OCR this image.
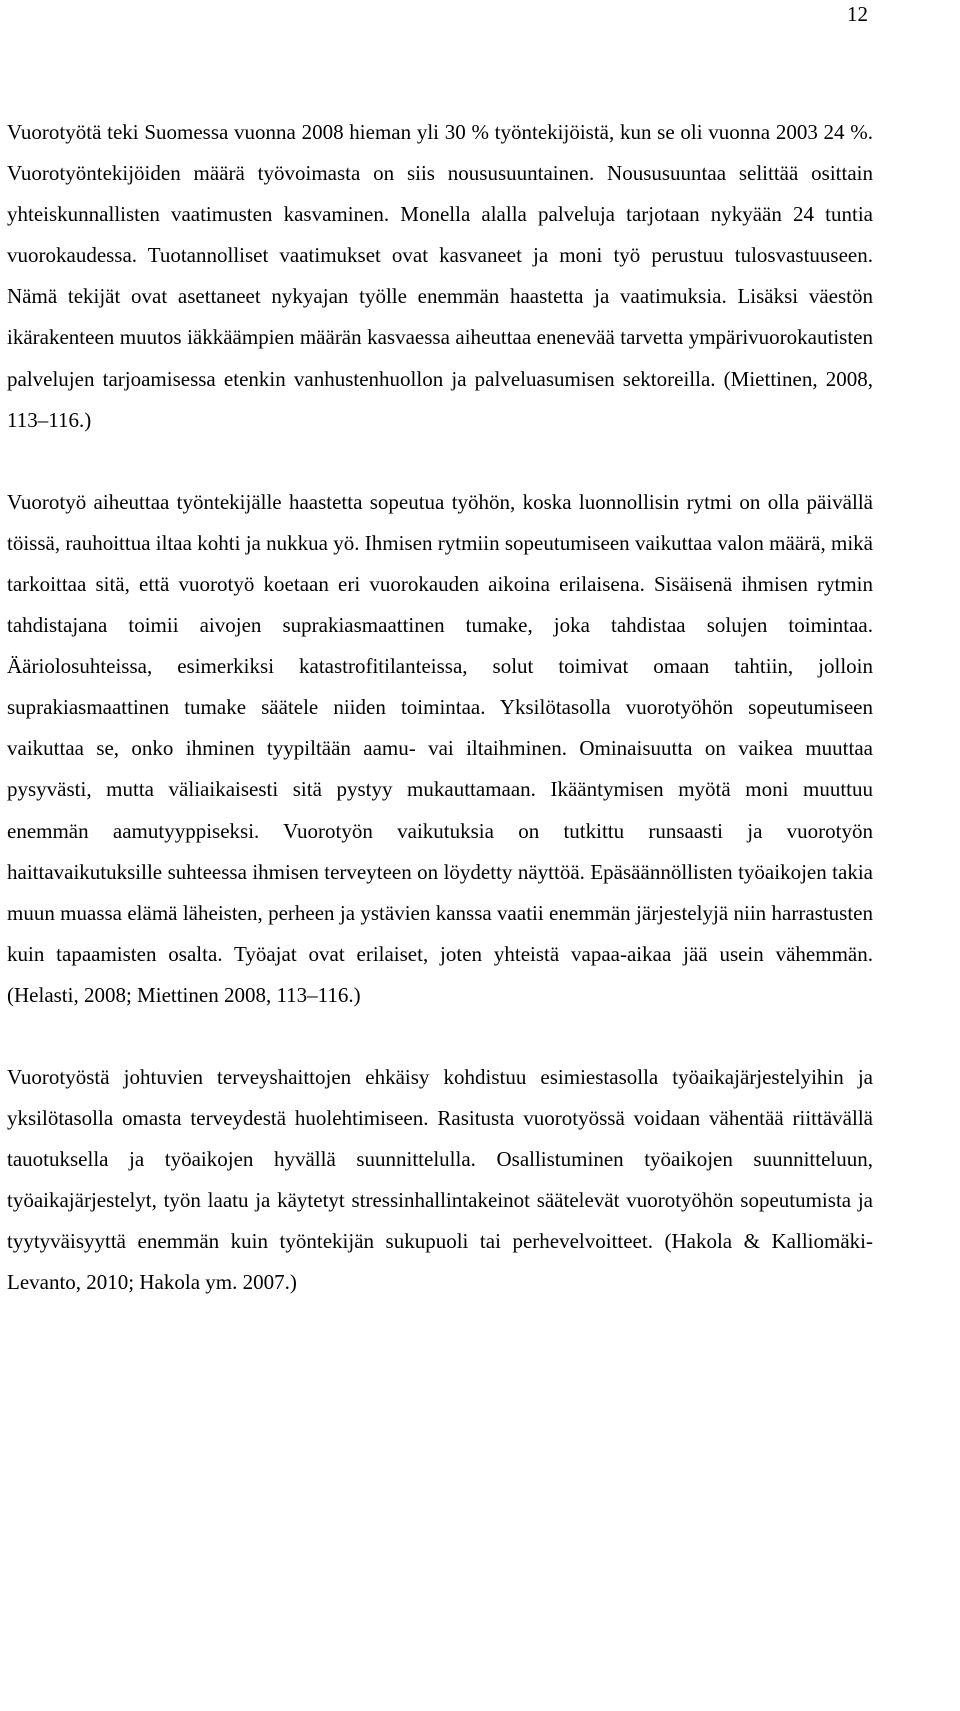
12

Vuorotyötä teki Suomessa vuonna 2008 hieman yli 30 % työntekijöistä, kun se oli vuonna 2003 24 %. Vuorotyöntekijöiden määrä työvoimasta on siis noususuuntainen. Noususuuntaa selittää osittain yhteiskunnallisten vaatimusten kasvaminen. Monella alalla palveluja tarjotaan nykyään 24 tuntia vuorokaudessa. Tuotannolliset vaatimukset ovat kasvaneet ja moni työ perustuu tulosvastuuseen. Nämä tekijät ovat asettaneet nykyajan työlle enemmän haastetta ja vaatimuksia. Lisäksi väestön ikärakenteen muutos iäkkäämpien määrän kasvaessa aiheuttaa enenevää tarvetta ympärivuorokautisten palvelujen tarjoamisessa etenkin vanhustenhuollon ja palveluasumisen sektoreilla. (Miettinen, 2008, 113–116.)

Vuorotyö aiheuttaa työntekijälle haastetta sopeutua työhön, koska luonnollisin rytmi on olla päivällä töissä, rauhoittua iltaa kohti ja nukkua yö. Ihmisen rytmiin sopeutumiseen vaikuttaa valon määrä, mikä tarkoittaa sitä, että vuorotyö koetaan eri vuorokauden aikoina erilaisena. Sisäisenä ihmisen rytmin tahdistajana toimii aivojen suprakiasmaattinen tumake, joka tahdistaa solujen toimintaa. Ääriolosuhteissa, esimerkiksi katastrofitilanteissa, solut toimivat omaan tahtiin, jolloin suprakiasmaattinen tumake säätele niiden toimintaa. Yksilötasolla vuorotyöhön sopeutumiseen vaikuttaa se, onko ihminen tyypiltään aamu- vai iltaihminen. Ominaisuutta on vaikea muuttaa pysyvästi, mutta väliaikaisesti sitä pystyy mukauttamaan. Ikääntymisen myötä moni muuttuu enemmän aamutyyppiseksi. Vuorotyön vaikutuksia on tutkittu runsaasti ja vuorotyön haittavaikutuksille suhteessa ihmisen terveyteen on löydetty näyttöä. Epäsäännöllisten työaikojen takia muun muassa elämä läheisten, perheen ja ystävien kanssa vaatii enemmän järjestelyjä niin harrastusten kuin tapaamisten osalta. Työajat ovat erilaiset, joten yhteistä vapaa-aikaa jää usein vähemmän. (Helasti, 2008; Miettinen 2008, 113–116.)

Vuorotyöstä johtuvien terveyshaittojen ehkäisy kohdistuu esimiestasolla työaikajärjestelyihin ja yksilötasolla omasta terveydestä huolehtimiseen. Rasitusta vuorotyössä voidaan vähentää riittävällä tauotuksella ja työaikojen hyvällä suunnittelulla. Osallistuminen työaikojen suunnitteluun, työaikajärjestelyt, työn laatu ja käytetyt stressinhallintakeinot säätelevät vuorotyöhön sopeutumista ja tyytyväisyyttä enemmän kuin työntekijän sukupuoli tai perhevelvoitteet. (Hakola & Kalliomäki-Levanto, 2010; Hakola ym. 2007.)
